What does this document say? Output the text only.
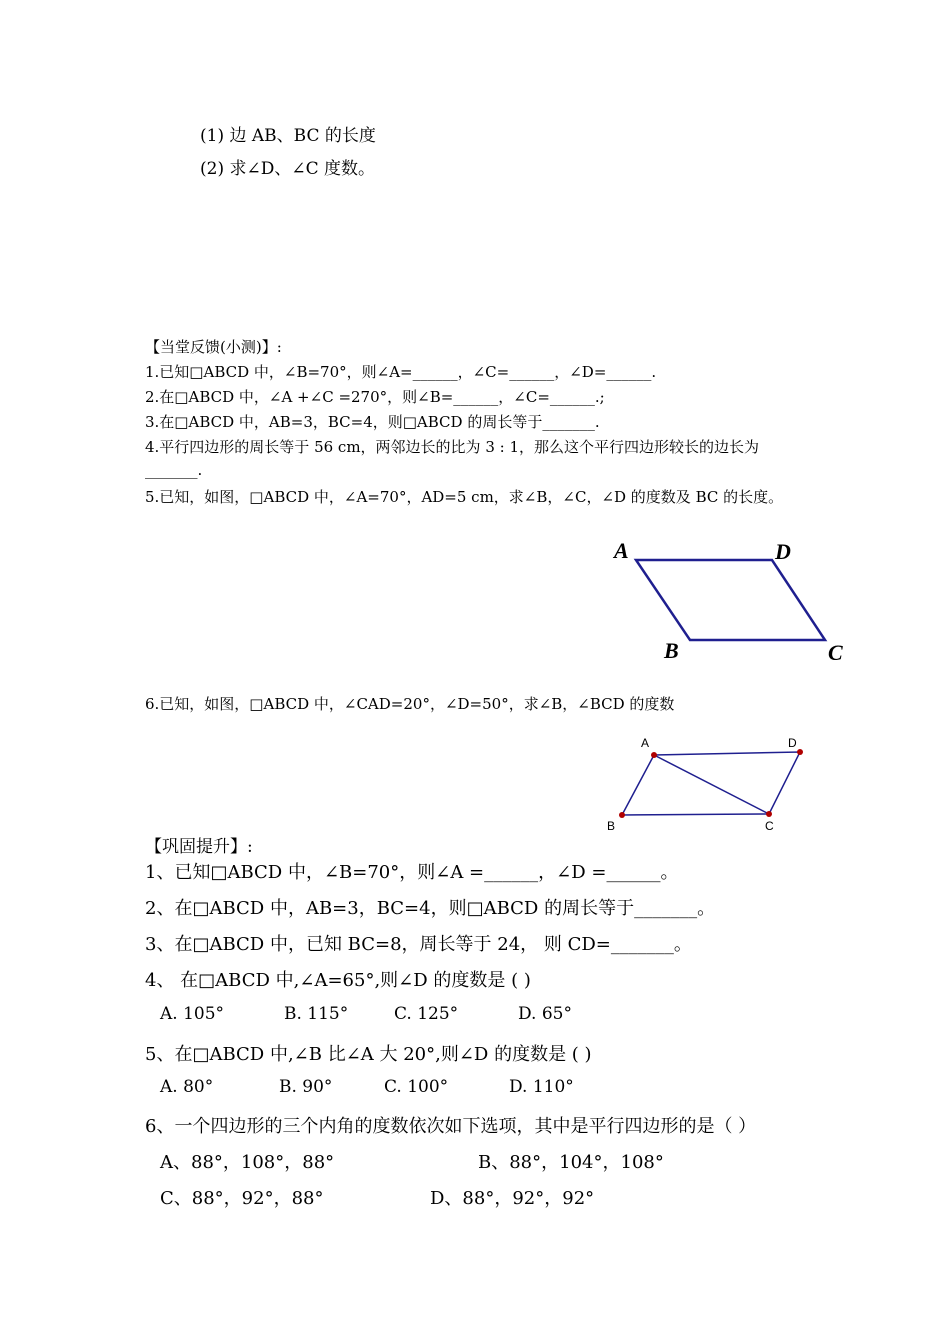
(1) 边 AB、BC 的长度
(2) 求∠D、∠C 度数。
【当堂反馈(小测)】:
1.已知□ABCD 中，∠B=70°，则∠A=______，∠C=______，∠D=______.
2.在□ABCD 中，∠A +∠C =270°，则∠B=______，∠C=______.;
3.在□ABCD 中，AB=3，BC=4，则□ABCD 的周长等于_______.
4.平行四边形的周长等于 56 cm，两邻边长的比为 3 : 1，那么这个平行四边形较长的边长为
_______.
5.已知，如图，□ABCD 中，∠A=70°，AD=5 cm，求∠B，∠C，∠D 的度数及 BC 的长度。
A	D
B	C
6.已知，如图，□ABCD 中，∠CAD=20°，∠D=50°，求∠B，∠BCD 的度数
A	D
B	C
【巩固提升】:
1、已知□ABCD 中，∠B=70°，则∠A =______，∠D =______。
2、在□ABCD 中，AB=3，BC=4，则□ABCD 的周长等于_______。
3、在□ABCD 中，已知 BC=8，周长等于 24， 则 CD=_______。
4、 在□ABCD 中,∠A=65°,则∠D 的度数是 ( )
A. 105°	B. 115°	C. 125°	D. 65°
5、在□ABCD 中,∠B 比∠A 大 20°,则∠D 的度数是 ( )
A. 80°	B. 90°	C. 100°	D. 110°
6、一个四边形的三个内角的度数依次如下选项，其中是平行四边形的是（ ）
A、88°，108°，88°	B、88°，104°，108°
C、88°，92°，88°	D、88°，92°，92°
